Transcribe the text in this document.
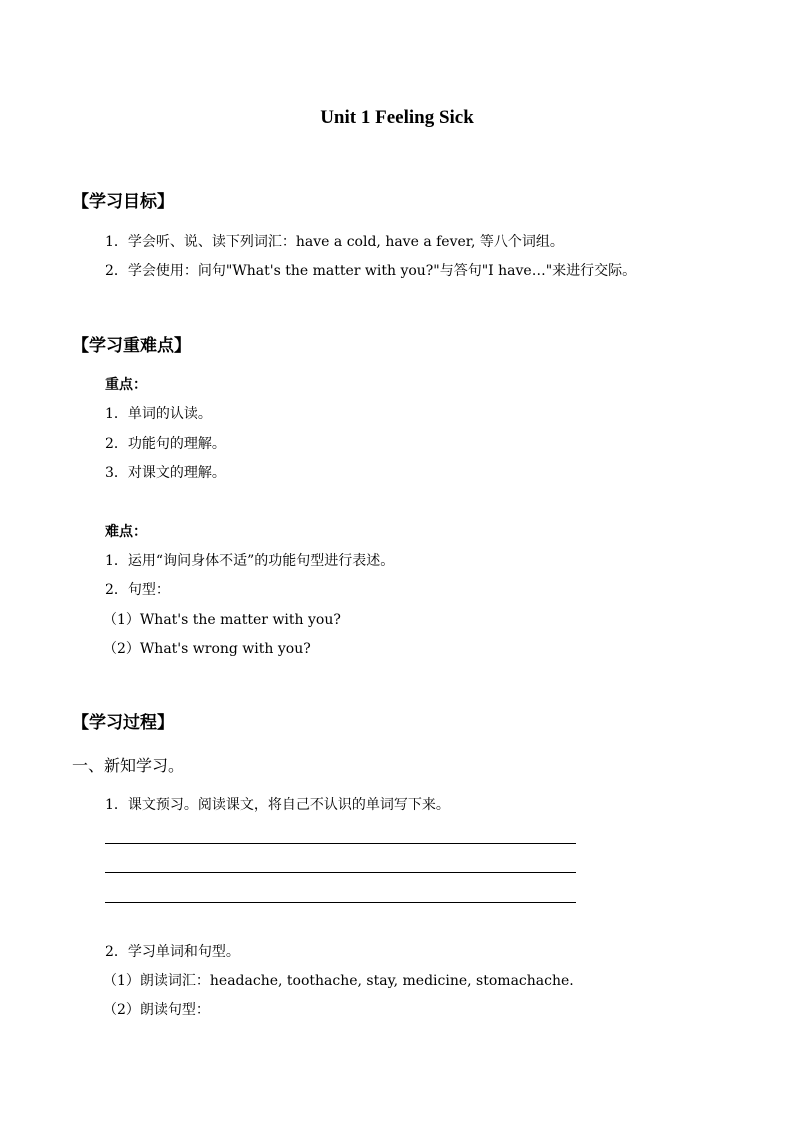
Unit 1 Feeling Sick
【学习目标】
1．学会听、说、读下列词汇：have a cold, have a fever, 等八个词组。
2．学会使用：问句"What's the matter with you?"与答句"I have…"来进行交际。
【学习重难点】
重点：
1．单词的认读。
2．功能句的理解。
3．对课文的理解。
难点：
1．运用“询问身体不适”的功能句型进行表述。
2．句型：
（1）What's the matter with you?
（2）What's wrong with you?
【学习过程】
一、新知学习。
1．课文预习。阅读课文，将自己不认识的单词写下来。
2．学习单词和句型。
（1）朗读词汇：headache, toothache, stay, medicine, stomachache.
（2）朗读句型：
